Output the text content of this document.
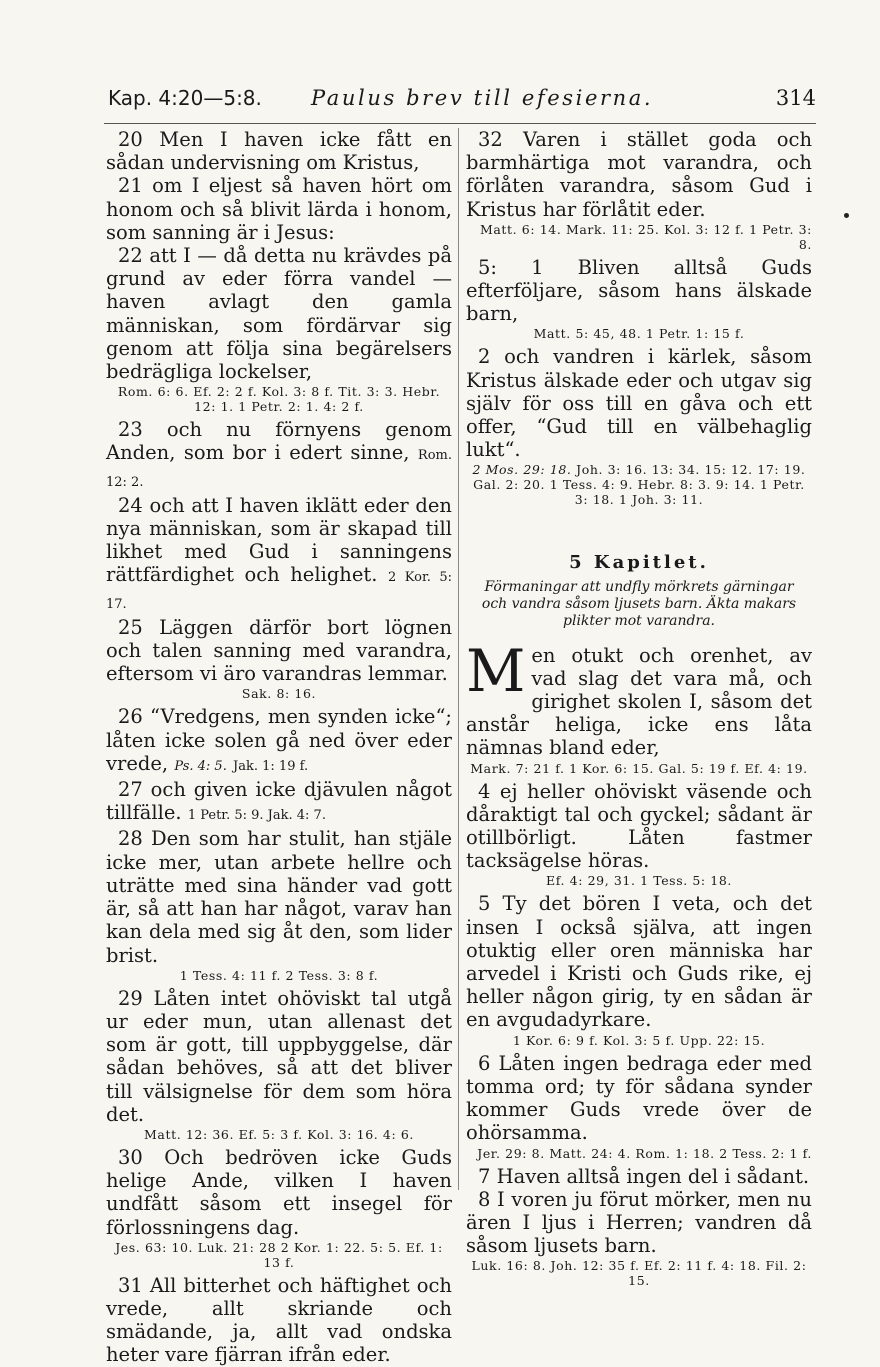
Kap. 4:20—5:8. Paulus brev till efesierna.	314

20 Men I haven icke fått en sådan undervisning om Kristus,

21 om I eljest så haven hört om honom och så blivit lärda i honom, som sanning är i Jesus:

22 att I — då detta nu krävdes på grund av eder förra vandel — haven avlagt den gamla människan, som fördärvar sig genom att följa sina begärelsers bedrägliga lockelser,

Rom. 6: 6. Ef. 2: 2 f. Kol. 3: 8 f. Tit. 3: 3. Hebr. 12: 1. 1 Petr. 2: 1. 4: 2 f.

23 och nu förnyens genom Anden, som bor i edert sinne, Rom. 12: 2.

24 och att I haven iklätt eder den nya människan, som är skapad till likhet med Gud i sanningens rättfärdighet och helighet. 2 Kor. 5: 17.

25 Läggen därför bort lögnen och talen sanning med varandra, eftersom vi äro varandras lemmar.

Sak. 8: 16.

26 “Vredgens, men synden icke“; låten icke solen gå ned över eder vrede, Ps. 4: 5. Jak. 1: 19 f.

27 och given icke djävulen något tillfälle. 1 Petr. 5: 9. Jak. 4: 7.

28 Den som har stulit, han stjäle icke mer, utan arbete hellre och uträtte med sina händer vad gott är, så att han har något, varav han kan dela med sig åt den, som lider brist.

1 Tess. 4: 11 f. 2 Tess. 3: 8 f.

29 Låten intet ohöviskt tal utgå ur eder mun, utan allenast det som är gott, till uppbyggelse, där sådan behöves, så att det bliver till välsignelse för dem som höra det.

Matt. 12: 36. Ef. 5: 3 f. Kol. 3: 16. 4: 6.

30 Och bedröven icke Guds helige Ande, vilken I haven undfått såsom ett insegel för förlossningens dag.

Jes. 63: 10. Luk. 21: 28 2 Kor. 1: 22. 5: 5. Ef. 1: 13 f.

31 All bitterhet och häftighet och vrede, allt skriande och smädande, ja, allt vad ondska heter vare fjärran ifrån eder.

32 Varen i stället goda och barmhärtiga mot varandra, och förlåten varandra, såsom Gud i Kristus har förlåtit eder.

Matt. 6: 14. Mark. 11: 25. Kol. 3: 12 f. 1 Petr. 3: 8.

5: 1 Bliven alltså Guds efterföljare, såsom hans älskade barn,

Matt. 5: 45, 48. 1 Petr. 1: 15 f.

2 och vandren i kärlek, såsom Kristus älskade eder och utgav sig själv för oss till en gåva och ett offer, “Gud till en välbehaglig lukt“.

2 Mos. 29: 18. Joh. 3: 16. 13: 34. 15: 12. 17: 19. Gal. 2: 20. 1 Tess. 4: 9. Hebr. 8: 3. 9: 14. 1 Petr. 3: 18. 1 Joh. 3: 11.

5 Kapitlet.

Förmaningar att undfly mörkrets gärningar och vandra såsom ljusets barn. Äkta makars plikter mot varandra.

Men otukt och orenhet, av vad slag det vara må, och girighet skolen I, såsom det anstår heliga, icke ens låta nämnas bland eder,

Mark. 7: 21 f. 1 Kor. 6: 15. Gal. 5: 19 f. Ef. 4: 19.

4 ej heller ohöviskt väsende och dåraktigt tal och gyckel; sådant är otillbörligt. Låten fastmer tacksägelse höras.

Ef. 4: 29, 31. 1 Tess. 5: 18.

5 Ty det bören I veta, och det insen I också själva, att ingen otuktig eller oren människa har arvedel i Kristi och Guds rike, ej heller någon girig, ty en sådan är en avgudadyrkare.

1 Kor. 6: 9 f. Kol. 3: 5 f. Upp. 22: 15.

6 Låten ingen bedraga eder med tomma ord; ty för sådana synder kommer Guds vrede över de ohörsamma.

Jer. 29: 8. Matt. 24: 4. Rom. 1: 18. 2 Tess. 2: 1 f.

7 Haven alltså ingen del i sådant.

8 I voren ju förut mörker, men nu ären I ljus i Herren; vandren då såsom ljusets barn.

Luk. 16: 8. Joh. 12: 35 f. Ef. 2: 11 f. 4: 18. Fil. 2: 15.
